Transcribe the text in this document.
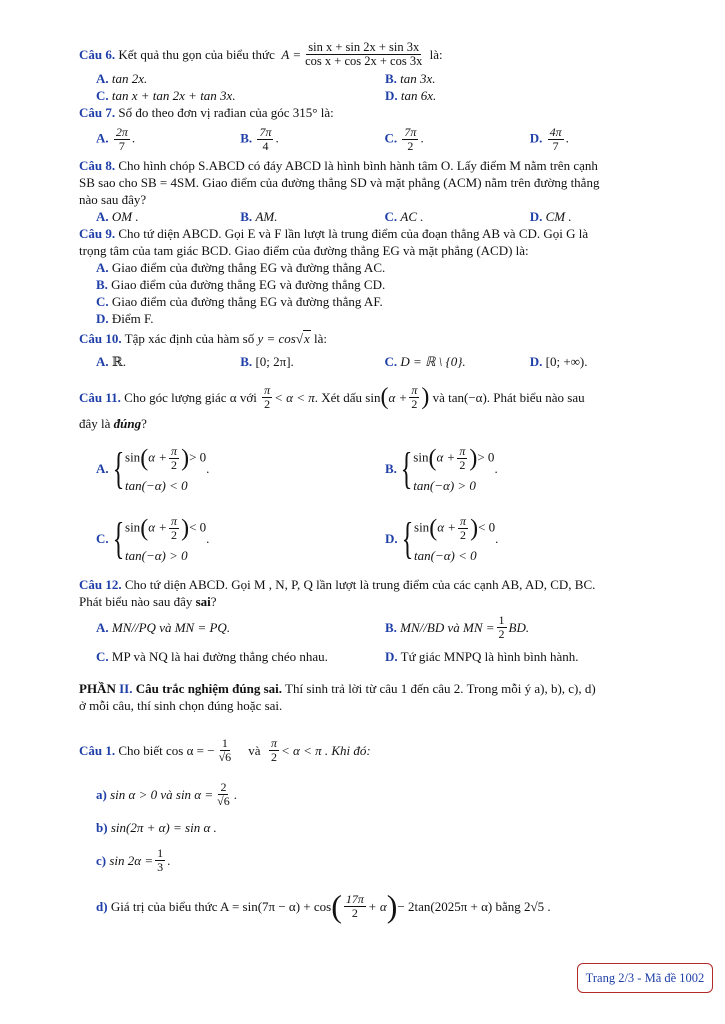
Câu 6.
Kết quả thu gọn của biểu thức
$A = \frac{\text{sin x + sin 2x + sin 3x}}{\text{cos x + cos 2x + cos 3x}}$
là:
A. tan 2x.	B. tan 3x.
C. tan x + tan 2x + tan 3x.	D. tan 6x.
Câu 7. Số đo theo đơn vị rađian của góc 315° là:
A. $\frac{2\pi}{7}$ .	B. $\frac{7\pi}{4}$ .	C. $\frac{7\pi}{2}$ .	D. $\frac{4\pi}{7}$ .
Câu 8. Cho hình chóp S.ABCD có đáy ABCD là hình bình hành tâm O. Lấy điểm M nằm trên cạnh
SB sao cho SB = 4SM. Giao điểm của đường thẳng SD và mặt phẳng (ACM) nằm trên đường thẳng
nào sau đây?
A. OM .	B. AM.	C. AC .	D. CM .
Câu 9. Cho tứ diện ABCD. Gọi E và F lần lượt là trung điểm của đoạn thẳng AB và CD. Gọi G là
trọng tâm của tam giác BCD. Giao điểm của đường thẳng EG và mặt phẳng (ACD) là:
A. Giao điểm của đường thẳng EG và đường thẳng AC.
B. Giao điểm của đường thẳng EG và đường thẳng CD.
C. Giao điểm của đường thẳng EG và đường thẳng AF.
D. Điểm F.
Câu 10. Tập xác định của hàm số y = cos√x là:
A. ℝ.	B. [0; 2π].	C. D = ℝ \ {0}.	D. [0; +∞).
Câu 11.
Cho góc lượng giác α với
$\frac{\pi}{2} < \alpha < \pi$ . Xét dấu sin ( $\alpha + \frac{\pi}{2}$ )
và tan(−α). Phát biểu nào sau
đây là đúng?
A.
{ $\sin(\alpha + \frac{\pi}{2}$ )> 0
tan(−α) < 0
.	B.
{ $\sin(\alpha + \frac{\pi}{2}$ )> 0
tan(−α) > 0
.
C.
{ $\sin(\alpha + \frac{\pi}{2}$ )< 0
tan(−α) > 0
.	D.
{ $\sin(\alpha + \frac{\pi}{2}$ )< 0
tan(−α) < 0
.
Câu 12. Cho tứ diện ABCD. Gọi M , N, P, Q lần lượt là trung điểm của các cạnh AB, AD, CD, BC.
Phát biểu nào sau đây sai?
A. MN//PQ và MN = PQ.	B.
MN//BD và MN = $\frac{1}{2}$ BD.
C. MP và NQ là hai đường thẳng chéo nhau.	D. Tứ giác MNPQ là hình bình hành.
PHẦN II. Câu trắc nghiệm đúng sai. Thí sinh trả lời từ câu 1 đến câu 2. Trong mỗi ý a), b), c), d)
ở mỗi câu, thí sinh chọn đúng hoặc sai.
Câu 1.
Cho biết cos α = − $\frac{1}{√6}$
và
$\frac{\pi}{2} < \alpha < \pi$ . Khi đó:
a)
sin α > 0 và $\sin \alpha = \frac{2}{√6}$ .
b)
sin(2π + α) = sin α .
c)
$\sin 2\alpha = \frac{1}{3}$ .
d)
Giá trị của biểu thức A = sin(7π − α) + cos ( $\frac{17\pi}{2} + \alpha$ ) − 2tan(2025π + α) bằng 2√5 .
Trang 2/3 - Mã đề 1002
